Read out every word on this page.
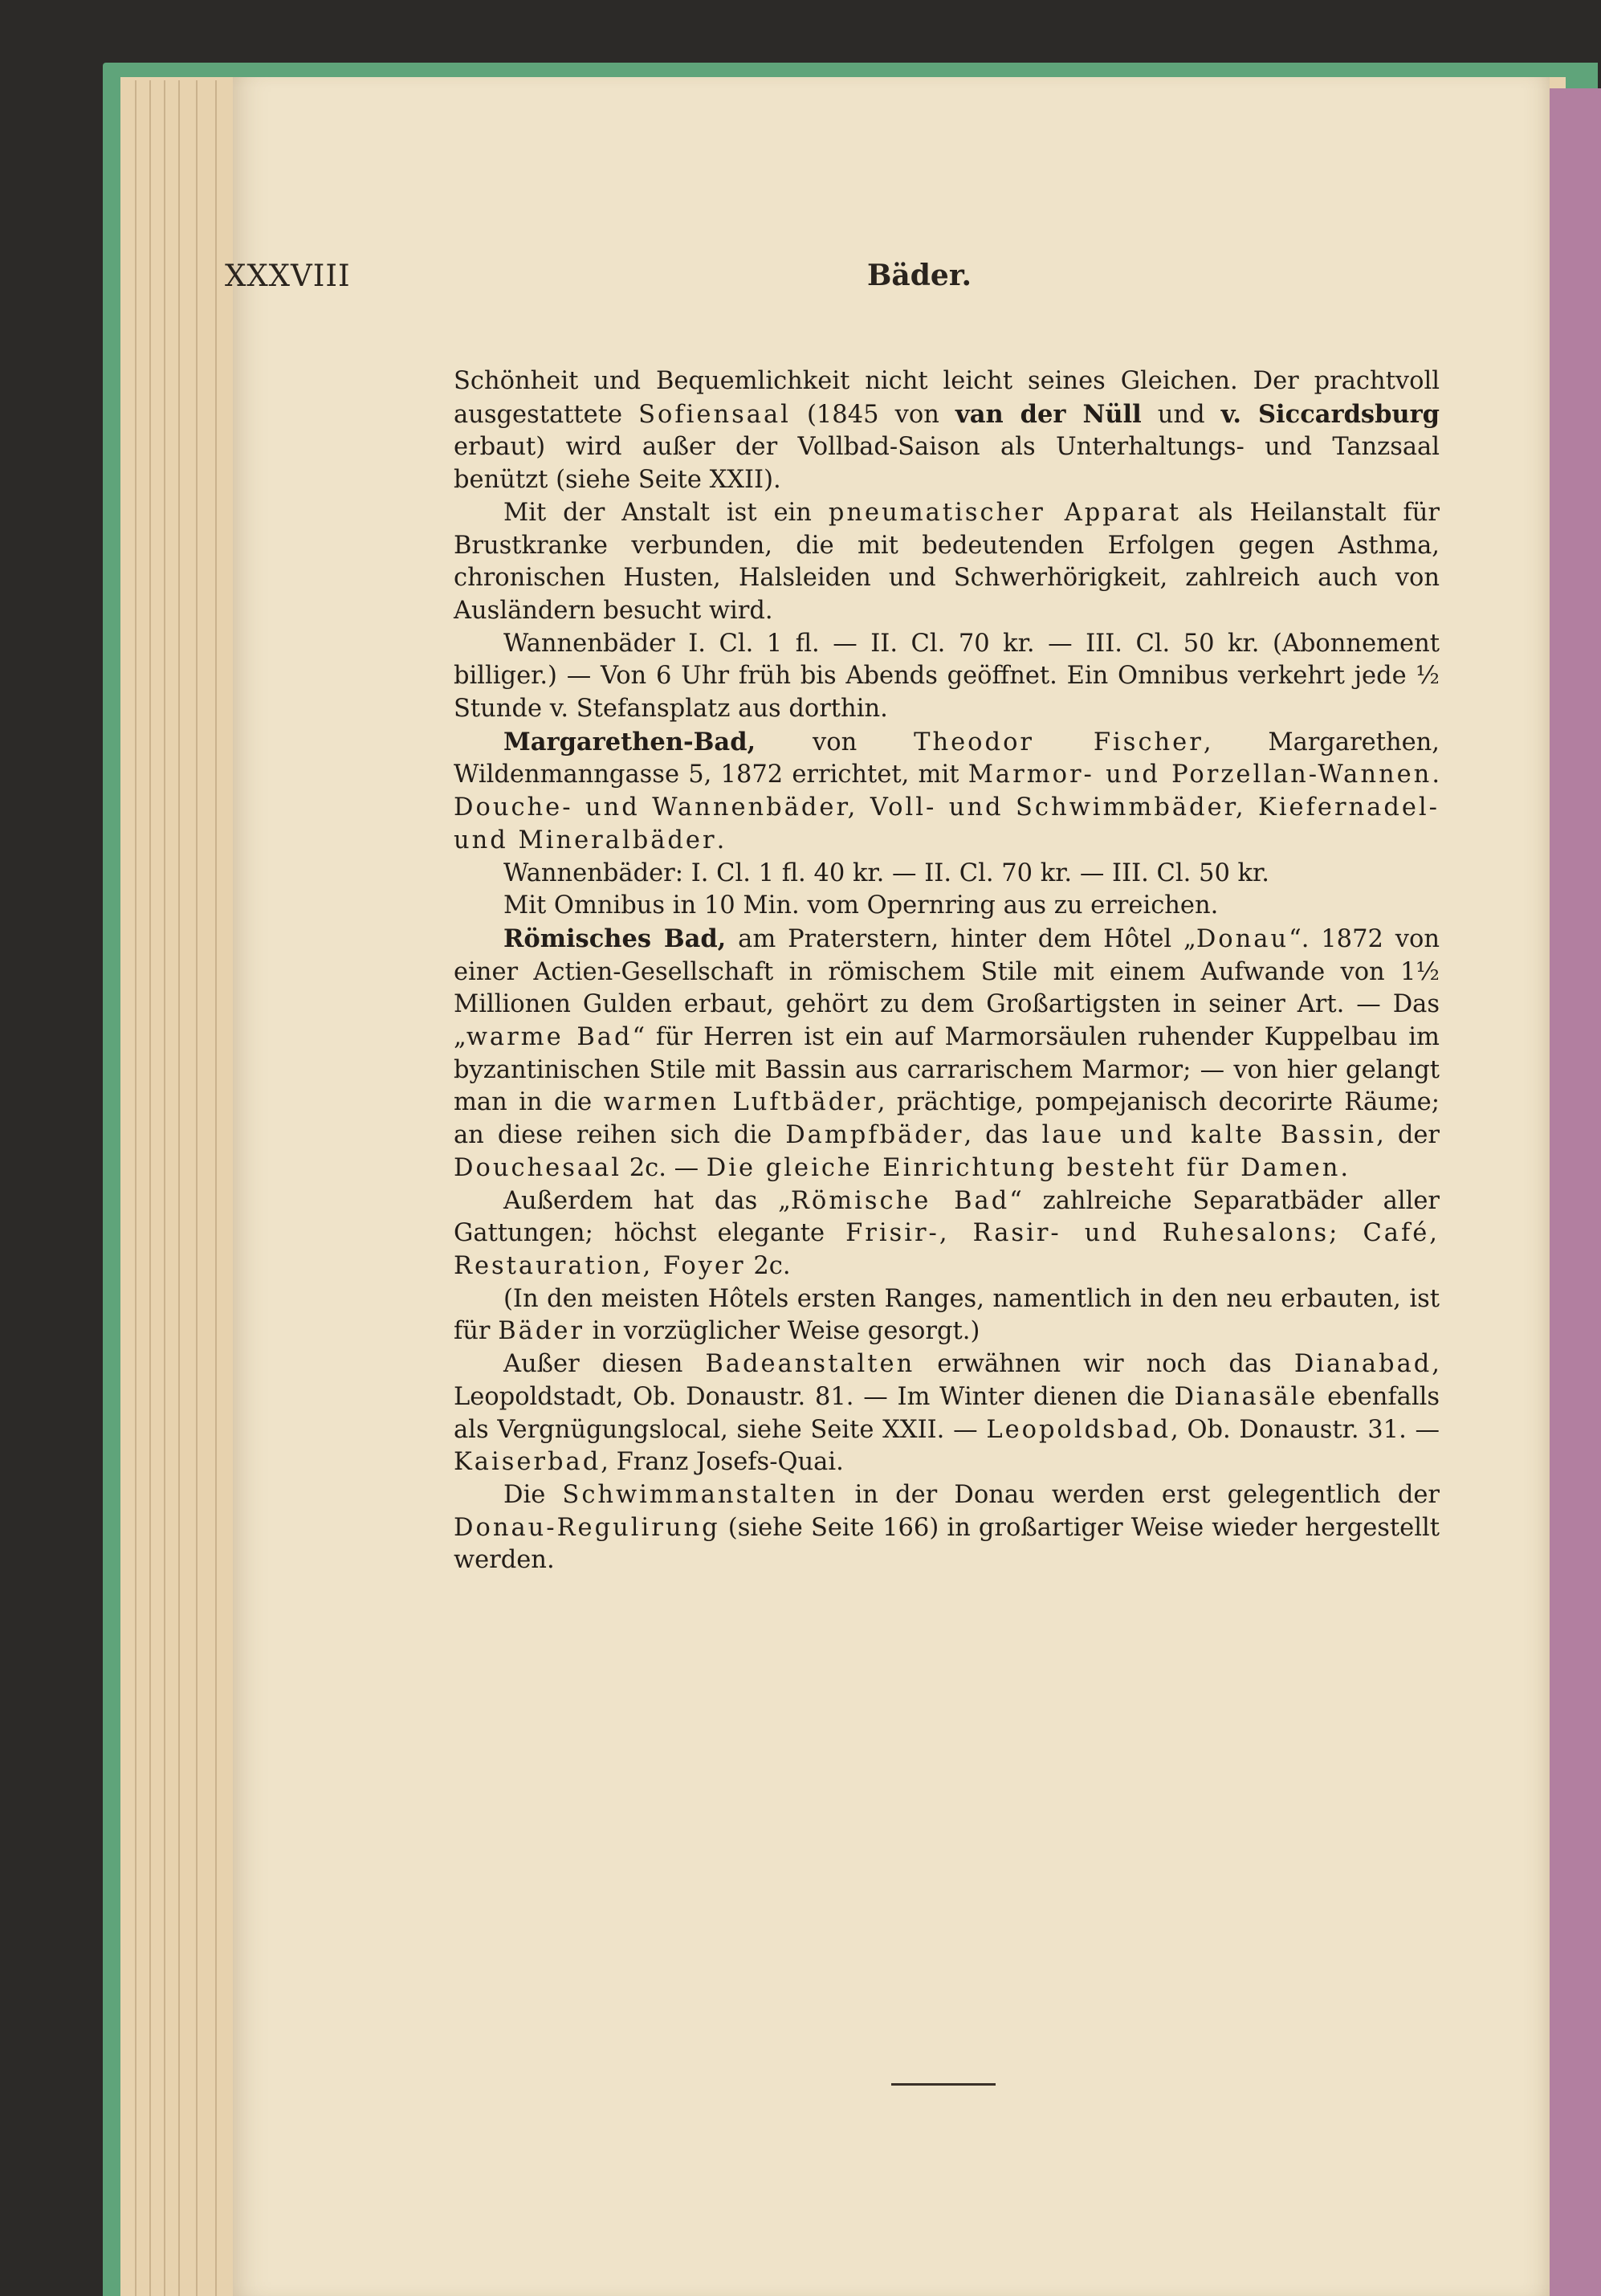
XXXVIII	Bäder.

Schönheit und Bequemlichkeit nicht leicht seines Gleichen. Der prachtvoll ausgestattete Sofiensaal (1845 von van der Nüll und v. Siccardsburg erbaut) wird außer der Vollbad-Saison als Unterhaltungs- und Tanzsaal benützt (siehe Seite XXII).

Mit der Anstalt ist ein pneumatischer Apparat als Heilanstalt für Brustkranke verbunden, die mit bedeutenden Erfolgen gegen Asthma, chronischen Husten, Halsleiden und Schwerhörigkeit, zahlreich auch von Ausländern besucht wird.

Wannenbäder I. Cl. 1 fl. — II. Cl. 70 kr. — III. Cl. 50 kr. (Abonnement billiger.) — Von 6 Uhr früh bis Abends geöffnet. Ein Omnibus verkehrt jede ½ Stunde v. Stefansplatz aus dorthin.

Margarethen-Bad, von Theodor Fischer, Margarethen, Wildenmanngasse 5, 1872 errichtet, mit Marmor- und Porzellan-Wannen. Douche- und Wannenbäder, Voll- und Schwimmbäder, Kiefernadel- und Mineralbäder.

Wannenbäder: I. Cl. 1 fl. 40 kr. — II. Cl. 70 kr. — III. Cl. 50 kr.

Mit Omnibus in 10 Min. vom Opernring aus zu erreichen.

Römisches Bad, am Praterstern, hinter dem Hôtel „Donau“. 1872 von einer Actien-Gesellschaft in römischem Stile mit einem Aufwande von 1½ Millionen Gulden erbaut, gehört zu dem Großartigsten in seiner Art. — Das „warme Bad“ für Herren ist ein auf Marmorsäulen ruhender Kuppelbau im byzantinischen Stile mit Bassin aus carrarischem Marmor; — von hier gelangt man in die warmen Luftbäder, prächtige, pompejanisch decorirte Räume; an diese reihen sich die Dampfbäder, das laue und kalte Bassin, der Douchesaal 2c. — Die gleiche Einrichtung besteht für Damen.

Außerdem hat das „Römische Bad“ zahlreiche Separatbäder aller Gattungen; höchst elegante Frisir-, Rasir- und Ruhesalons; Café, Restauration, Foyer 2c.

(In den meisten Hôtels ersten Ranges, namentlich in den neu erbauten, ist für Bäder in vorzüglicher Weise gesorgt.)

Außer diesen Badeanstalten erwähnen wir noch das Dianabad, Leopoldstadt, Ob. Donaustr. 81. — Im Winter dienen die Dianasäle ebenfalls als Vergnügungslocal, siehe Seite XXII. — Leopoldsbad, Ob. Donaustr. 31. — Kaiserbad, Franz Josefs-Quai.

Die Schwimmanstalten in der Donau werden erst gelegentlich der Donau-Regulirung (siehe Seite 166) in großartiger Weise wieder hergestellt werden.
